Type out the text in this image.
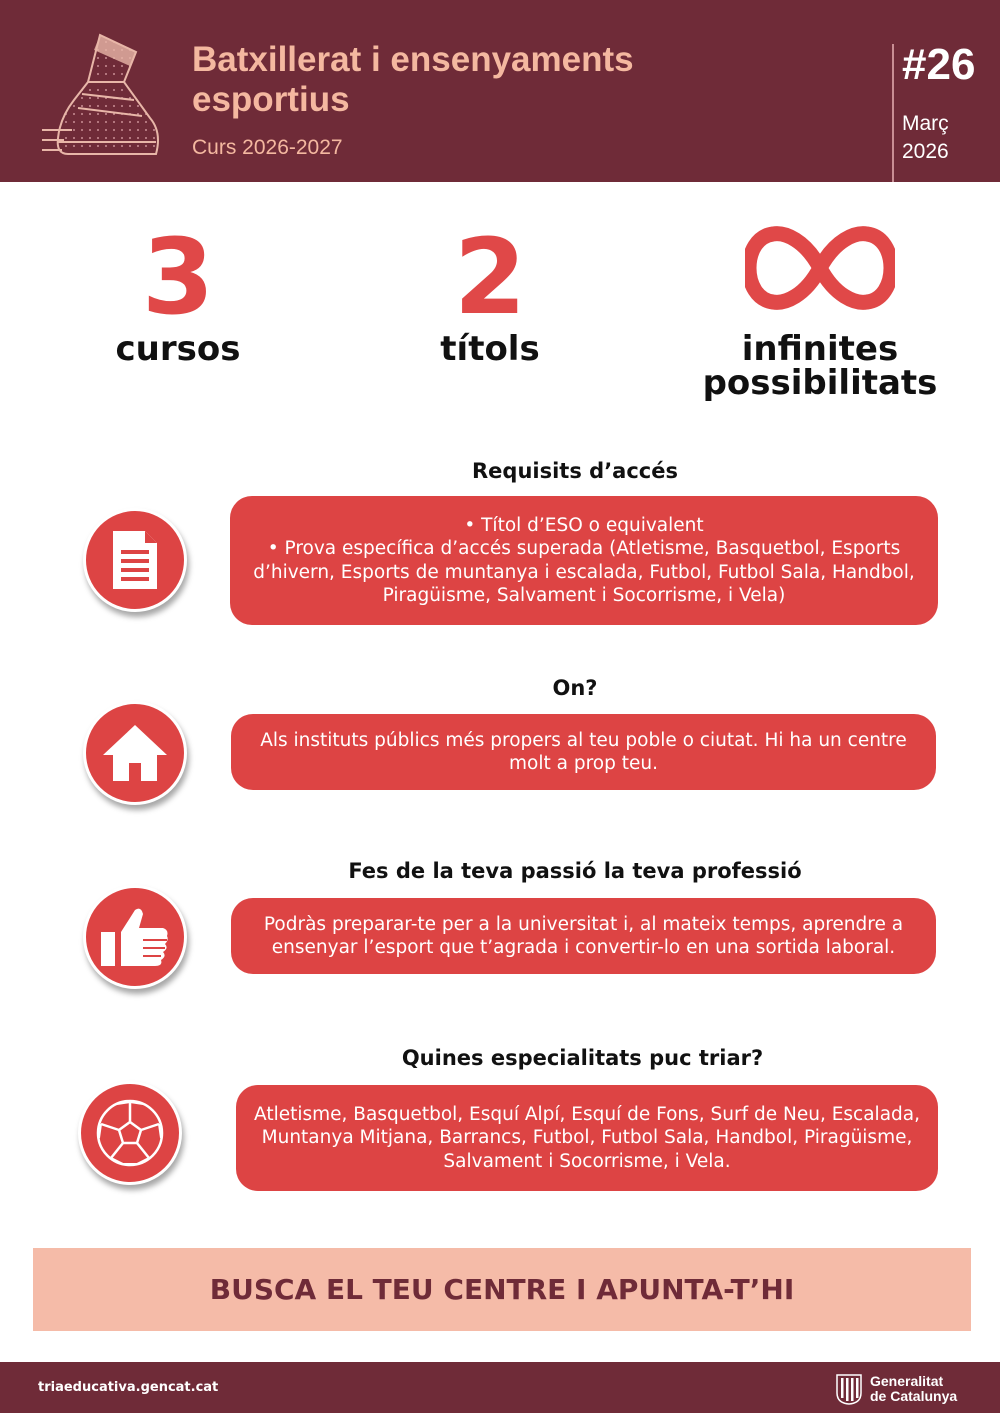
Batxillerat i ensenyaments
esportius
Curs 2026-2027
#26
Març
2026
3
cursos
2
títols	infinites
possibilitats
Requisits d’accés
• Títol d’ESO o equivalent
• Prova específica d’accés superada (Atletisme, Basquetbol, Esports
d’hivern, Esports de muntanya i escalada, Futbol, Futbol Sala, Handbol,
Piragüisme, Salvament i Socorrisme, i Vela)
On?
Als instituts públics més propers al teu poble o ciutat. Hi ha un centre
molt a prop teu.
Fes de la teva passió la teva professió
Podràs preparar-te per a la universitat i, al mateix temps, aprendre a
ensenyar l’esport que t’agrada i convertir-lo en una sortida laboral.
Quines especialitats puc triar?
Atletisme, Basquetbol, Esquí Alpí, Esquí de Fons, Surf de Neu, Escalada,
Muntanya Mitjana, Barrancs, Futbol, Futbol Sala, Handbol, Piragüisme,
Salvament i Socorrisme, i Vela.
BUSCA EL TEU CENTRE I APUNTA-T’HI
triaeducativa.gencat.cat	Generalitat
de Catalunya
